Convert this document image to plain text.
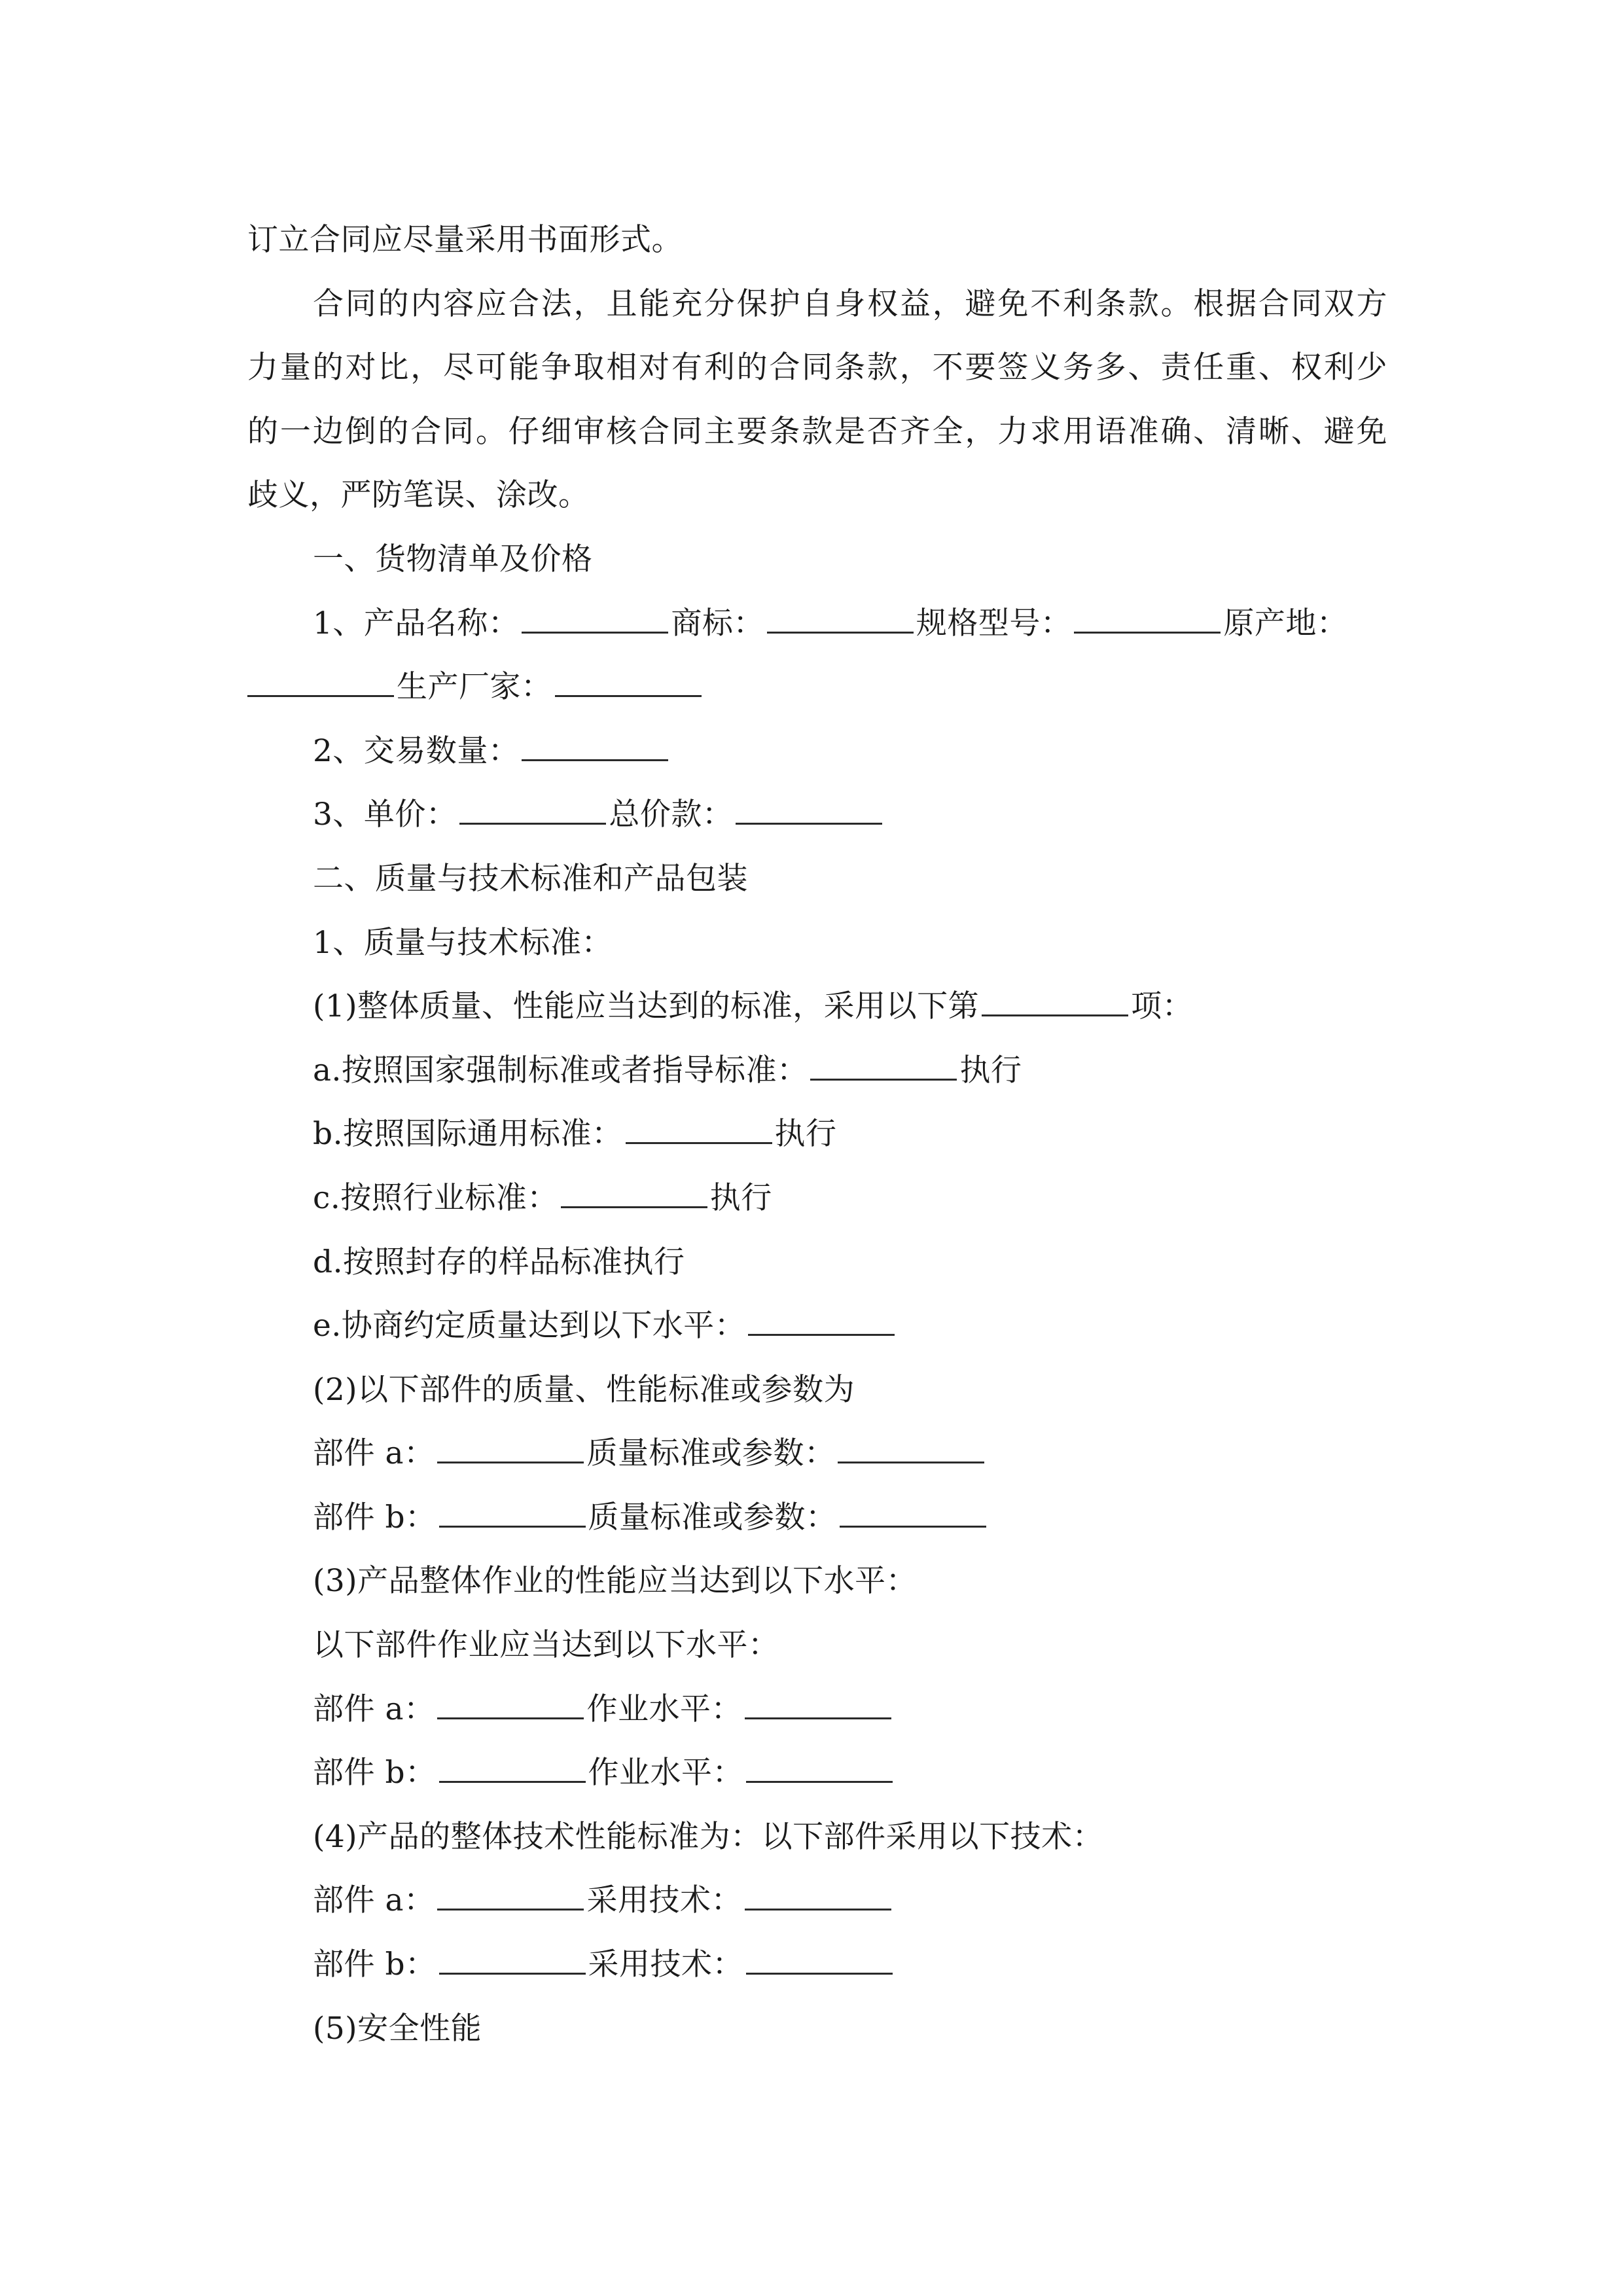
订立合同应尽量采用书面形式。
合同的内容应合法，且能充分保护自身权益，避免不利条款。根据合同双方
力量的对比，尽可能争取相对有利的合同条款，不要签义务多、责任重、权利少
的一边倒的合同。仔细审核合同主要条款是否齐全，力求用语准确、清晰、避免
歧义，严防笔误、涂改。
一、货物清单及价格
1、产品名称：	商标：	规格型号：	原产地：
生产厂家：
2、交易数量：
3、单价：	总价款：
二、质量与技术标准和产品包装
1、质量与技术标准：
(1)整体质量、性能应当达到的标准，采用以下第	项：
a.按照国家强制标准或者指导标准：	执行
b.按照国际通用标准：	执行
c.按照行业标准：	执行
d.按照封存的样品标准执行
e.协商约定质量达到以下水平：
(2)以下部件的质量、性能标准或参数为
部件 a：	质量标准或参数：
部件 b：	质量标准或参数：
(3)产品整体作业的性能应当达到以下水平：
以下部件作业应当达到以下水平：
部件 a：	作业水平：
部件 b：	作业水平：
(4)产品的整体技术性能标准为：以下部件采用以下技术：
部件 a：	采用技术：
部件 b：	采用技术：
(5)安全性能
